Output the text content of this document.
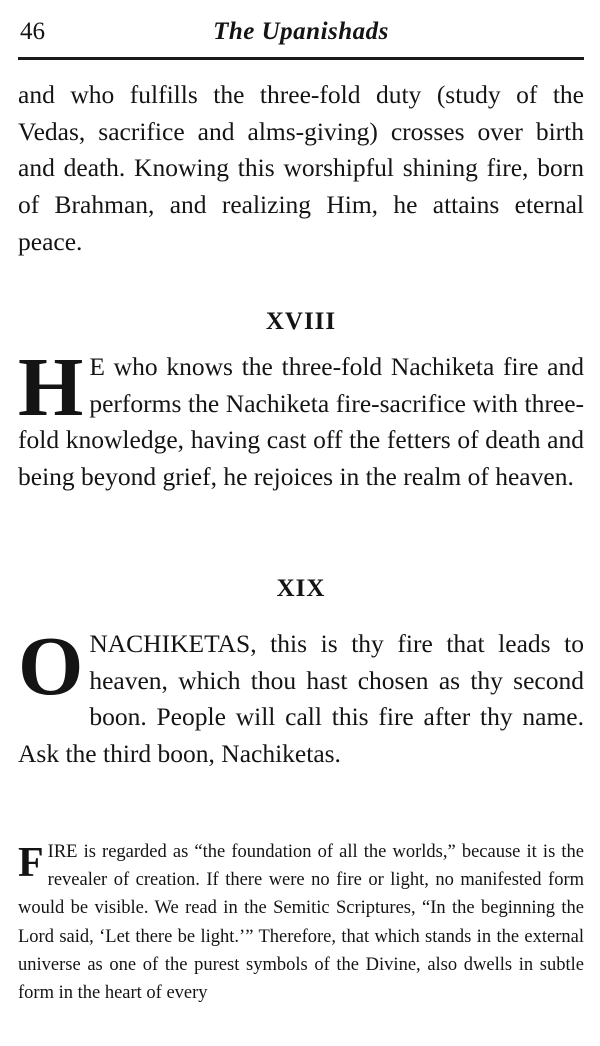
46	The Upanishads

and who fulfills the three-fold duty (study of the Vedas, sacrifice and alms-giving) crosses over birth and death. Knowing this worshipful shining fire, born of Brahman, and realizing Him, he attains eternal peace.

XVIII

H E who knows the three-fold Nachiketa fire and performs the Nachiketa fire-sacrifice with three-fold knowledge, having cast off the fetters of death and being beyond grief, he rejoices in the realm of heaven.

XIX

ONACHIKETAS, this is thy fire that leads to heaven, which thou hast chosen as thy second boon. People will call this fire after thy name. Ask the third boon, Nachiketas.

FIRE is regarded as “the foundation of all the worlds,” because it is the revealer of creation. If there were no fire or light, no manifested form would be visible. We read in the Semitic Scriptures, “In the beginning the Lord said, ‘Let there be light.’” Therefore, that which stands in the external universe as one of the purest symbols of the Divine, also dwells in subtle form in the heart of every
